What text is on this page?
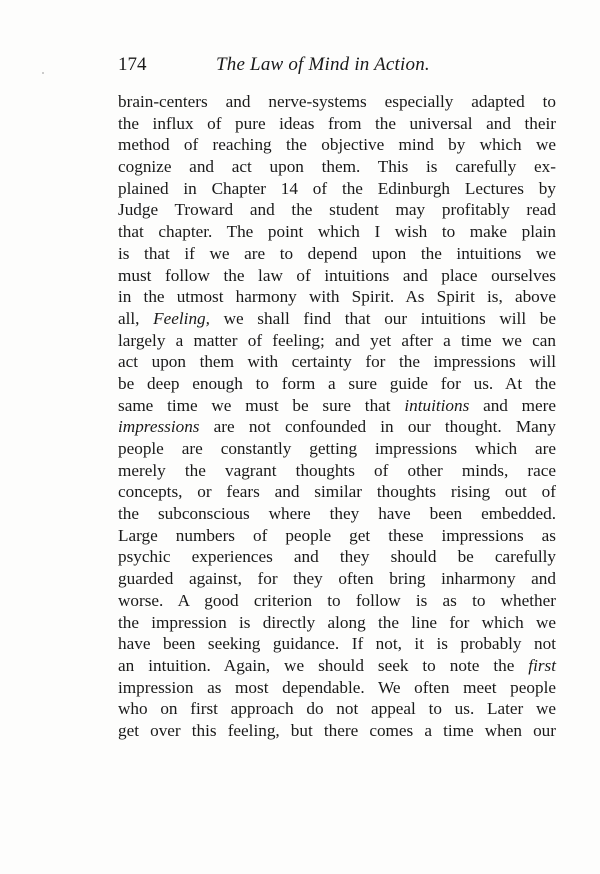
174	The Law of Mind in Action.
brain-centers and nerve-systems especially adapted to
the influx of pure ideas from the universal and their
method of reaching the objective mind by which we
cognize and act upon them. This is carefully ex-
plained in Chapter 14 of the Edinburgh Lectures by
Judge Troward and the student may profitably read
that chapter. The point which I wish to make plain
is that if we are to depend upon the intuitions we
must follow the law of intuitions and place ourselves
in the utmost harmony with Spirit. As Spirit is, above
all, Feeling, we shall find that our intuitions will be
largely a matter of feeling; and yet after a time we can
act upon them with certainty for the impressions will
be deep enough to form a sure guide for us. At the
same time we must be sure that intuitions and mere
impressions are not confounded in our thought. Many
people are constantly getting impressions which are
merely the vagrant thoughts of other minds, race
concepts, or fears and similar thoughts rising out of
the subconscious where they have been embedded.
Large numbers of people get these impressions as
psychic experiences and they should be carefully
guarded against, for they often bring inharmony and
worse. A good criterion to follow is as to whether
the impression is directly along the line for which we
have been seeking guidance. If not, it is probably not
an intuition. Again, we should seek to note the first
impression as most dependable. We often meet people
who on first approach do not appeal to us. Later we
get over this feeling, but there comes a time when our
